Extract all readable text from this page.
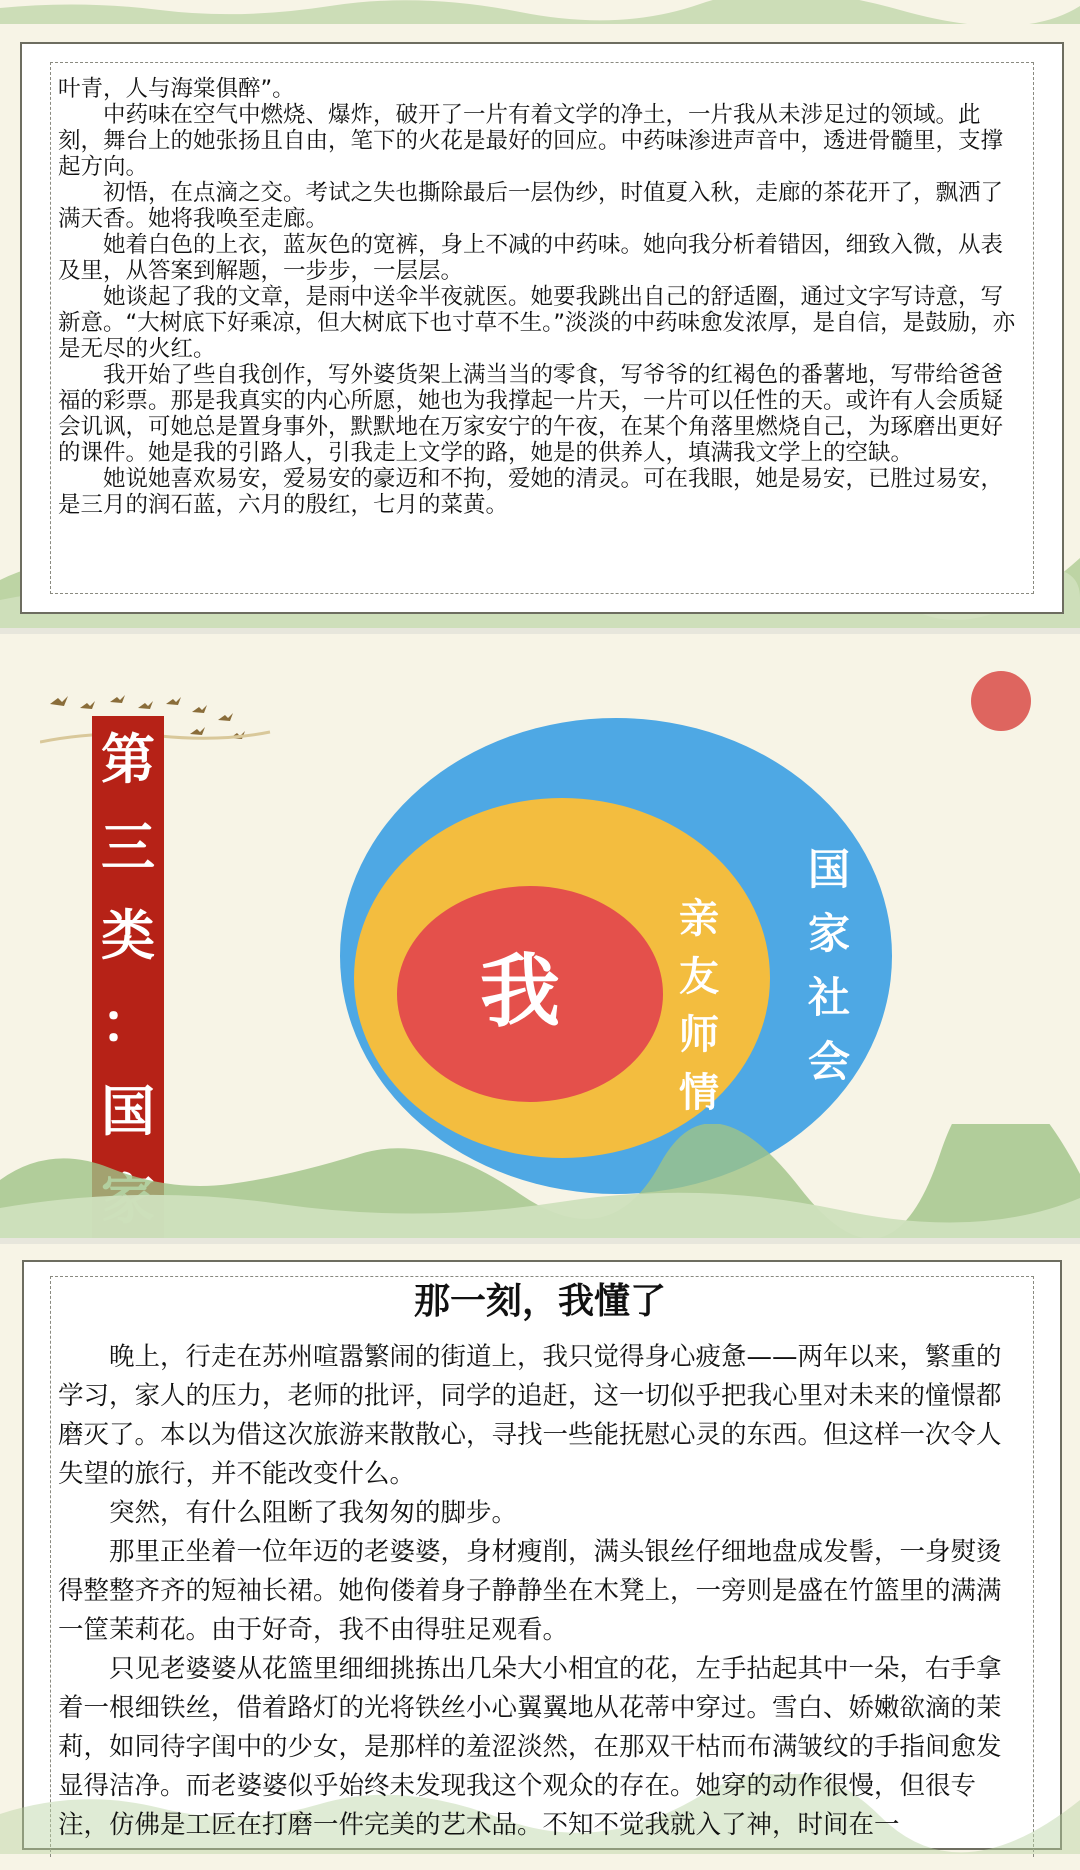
叶青，人与海棠俱醉”。

中药味在空气中燃烧、爆炸，破开了一片有着文学的净土，一片我从未涉足过的领域。此刻，舞台上的她张扬且自由，笔下的火花是最好的回应。中药味渗进声音中，透进骨髓里，支撑起方向。

初悟，在点滴之交。考试之失也撕除最后一层伪纱，时值夏入秋，走廊的茶花开了，飘洒了满天香。她将我唤至走廊。

她着白色的上衣，蓝灰色的宽裤，身上不减的中药味。她向我分析着错因，细致入微，从表及里，从答案到解题，一步步，一层层。

她谈起了我的文章，是雨中送伞半夜就医。她要我跳出自己的舒适圈，通过文字写诗意，写新意。“大树底下好乘凉，但大树底下也寸草不生。”淡淡的中药味愈发浓厚，是自信，是鼓励，亦是无尽的火红。

我开始了些自我创作，写外婆货架上满当当的零食，写爷爷的红褐色的番薯地，写带给爸爸福的彩票。那是我真实的内心所愿，她也为我撑起一片天，一片可以任性的天。或许有人会质疑会讥讽，可她总是置身事外，默默地在万家安宁的午夜，在某个角落里燃烧自己，为琢磨出更好的课件。她是我的引路人，引我走上文学的路，她是的供养人，填满我文学上的空缺。

她说她喜欢易安，爱易安的豪迈和不拘，爱她的清灵。可在我眼，她是易安，已胜过易安，是三月的润石蓝，六月的殷红，七月的菜黄。

第
三
类
：
国
我
亲
友
师
情
国
家
社
会
那一刻，我懂了

晚上，行走在苏州喧嚣繁闹的街道上，我只觉得身心疲惫——两年以来，繁重的学习，家人的压力，老师的批评，同学的追赶，这一切似乎把我心里对未来的憧憬都磨灭了。本以为借这次旅游来散散心，寻找一些能抚慰心灵的东西。但这样一次令人失望的旅行，并不能改变什么。

突然，有什么阻断了我匆匆的脚步。

那里正坐着一位年迈的老婆婆，身材瘦削，满头银丝仔细地盘成发髻，一身熨烫得整整齐齐的短袖长裙。她佝偻着身子静静坐在木凳上，一旁则是盛在竹篮里的满满一筐茉莉花。由于好奇，我不由得驻足观看。

只见老婆婆从花篮里细细挑拣出几朵大小相宜的花，左手拈起其中一朵，右手拿着一根细铁丝，借着路灯的光将铁丝小心翼翼地从花蒂中穿过。雪白、娇嫩欲滴的茉莉，如同待字闺中的少女，是那样的羞涩淡然，在那双干枯而布满皱纹的手指间愈发显得洁净。而老婆婆似乎始终未发现我这个观众的存在。她穿的动作很慢，但很专注，仿佛是工匠在打磨一件完美的艺术品。不知不觉我就入了神，时间在一
